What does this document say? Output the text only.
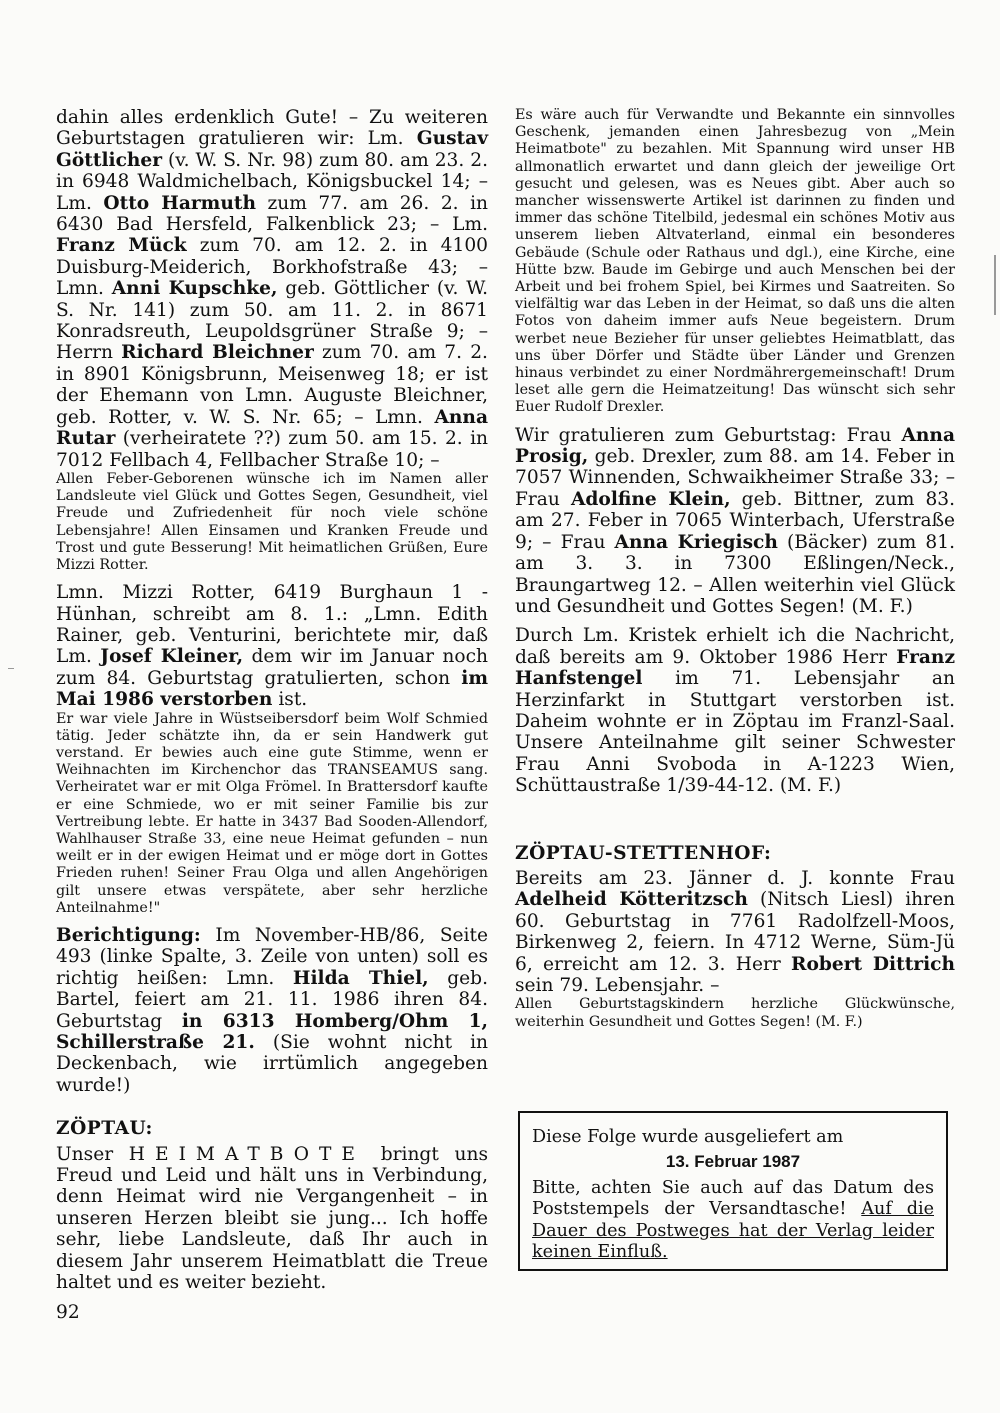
dahin alles erdenklich Gute! – Zu weiteren Geburtstagen gratulieren wir: Lm. Gustav Göttlicher (v. W. S. Nr. 98) zum 80. am 23. 2. in 6948 Waldmichelbach, Königsbuckel 14; – Lm. Otto Harmuth zum 77. am 26. 2. in 6430 Bad Hersfeld, Falkenblick 23; – Lm. Franz Mück zum 70. am 12. 2. in 4100 Duisburg-Meiderich, Borkhofstraße 43; – Lmn. Anni Kupschke, geb. Göttlicher (v. W. S. Nr. 141) zum 50. am 11. 2. in 8671 Konradsreuth, Leupoldsgrüner Straße 9; – Herrn Richard Bleichner zum 70. am 7. 2. in 8901 Königsbrunn, Meisenweg 18; er ist der Ehemann von Lmn. Auguste Bleichner, geb. Rotter, v. W. S. Nr. 65; – Lmn. Anna Rutar (verheiratete ??) zum 50. am 15. 2. in 7012 Fellbach 4, Fellbacher Straße 10; –

Allen Feber-Geborenen wünsche ich im Namen aller Landsleute viel Glück und Gottes Segen, Gesundheit, viel Freude und Zufriedenheit für noch viele schöne Lebensjahre! Allen Einsamen und Kranken Freude und Trost und gute Besserung! Mit heimatlichen Grüßen, Eure Mizzi Rotter.

Lmn. Mizzi Rotter, 6419 Burghaun 1 - Hünhan, schreibt am 8. 1.: „Lmn. Edith Rainer, geb. Venturini, berichtete mir, daß Lm. Josef Kleiner, dem wir im Januar noch zum 84. Geburtstag gratulierten, schon im Mai 1986 verstorben ist.

Er war viele Jahre in Wüstseibersdorf beim Wolf Schmied tätig. Jeder schätzte ihn, da er sein Handwerk gut verstand. Er bewies auch eine gute Stimme, wenn er Weihnachten im Kirchenchor das TRANSEAMUS sang. Verheiratet war er mit Olga Frömel. In Brattersdorf kaufte er eine Schmiede, wo er mit seiner Familie bis zur Vertreibung lebte. Er hatte in 3437 Bad Sooden-Allendorf, Wahlhauser Straße 33, eine neue Heimat gefunden – nun weilt er in der ewigen Heimat und er möge dort in Gottes Frieden ruhen! Seiner Frau Olga und allen Angehörigen gilt unsere etwas verspätete, aber sehr herzliche Anteilnahme!"

Berichtigung: Im November-HB/86, Seite 493 (linke Spalte, 3. Zeile von unten) soll es richtig heißen: Lmn. Hilda Thiel, geb. Bartel, feiert am 21. 11. 1986 ihren 84. Geburtstag in 6313 Homberg/Ohm 1, Schillerstraße 21. (Sie wohnt nicht in Deckenbach, wie irrtümlich angegeben wurde!)

ZÖPTAU:

Unser HEIMATBOTE bringt uns Freud und Leid und hält uns in Verbindung, denn Heimat wird nie Vergangenheit – in unseren Herzen bleibt sie jung... Ich hoffe sehr, liebe Landsleute, daß Ihr auch in diesem Jahr unserem Heimatblatt die Treue haltet und es weiter bezieht.

Es wäre auch für Verwandte und Bekannte ein sinnvolles Geschenk, jemanden einen Jahresbezug von „Mein Heimatbote" zu bezahlen. Mit Spannung wird unser HB allmonatlich erwartet und dann gleich der jeweilige Ort gesucht und gelesen, was es Neues gibt. Aber auch so mancher wissenswerte Artikel ist darinnen zu finden und immer das schöne Titelbild, jedesmal ein schönes Motiv aus unserem lieben Altvaterland, einmal ein besonderes Gebäude (Schule oder Rathaus und dgl.), eine Kirche, eine Hütte bzw. Baude im Gebirge und auch Menschen bei der Arbeit und bei frohem Spiel, bei Kirmes und Saatreiten. So vielfältig war das Leben in der Heimat, so daß uns die alten Fotos von daheim immer aufs Neue begeistern. Drum werbet neue Bezieher für unser geliebtes Heimatblatt, das uns über Dörfer und Städte über Länder und Grenzen hinaus verbindet zu einer Nordmährergemeinschaft! Drum leset alle gern die Heimatzeitung! Das wünscht sich sehr Euer Rudolf Drexler.

Wir gratulieren zum Geburtstag: Frau Anna Prosig, geb. Drexler, zum 88. am 14. Feber in 7057 Winnenden, Schwaikheimer Straße 33; – Frau Adolfine Klein, geb. Bittner, zum 83. am 27. Feber in 7065 Winterbach, Uferstraße 9; – Frau Anna Kriegisch (Bäcker) zum 81. am 3. 3. in 7300 Eßlingen/Neck., Braungartweg 12. – Allen weiterhin viel Glück und Gesundheit und Gottes Segen! (M. F.)

Durch Lm. Kristek erhielt ich die Nachricht, daß bereits am 9. Oktober 1986 Herr Franz Hanfstengel im 71. Lebensjahr an Herzinfarkt in Stuttgart verstorben ist. Daheim wohnte er in Zöptau im Franzl-Saal. Unsere Anteilnahme gilt seiner Schwester Frau Anni Svoboda in A-1223 Wien, Schüttaustraße 1/39-44-12. (M. F.)

ZÖPTAU-STETTENHOF:

Bereits am 23. Jänner d. J. konnte Frau Adelheid Kötteritzsch (Nitsch Liesl) ihren 60. Geburtstag in 7761 Radolfzell-Moos, Birkenweg 2, feiern. In 4712 Werne, Süm-Jü 6, erreicht am 12. 3. Herr Robert Dittrich sein 79. Lebensjahr. –

Allen Geburtstagskindern herzliche Glückwünsche, weiterhin Gesundheit und Gottes Segen! (M. F.)

Diese Folge wurde ausgeliefert am

13. Februar 1987

Bitte, achten Sie auch auf das Datum des Poststempels der Versandtasche! Auf die Dauer des Postweges hat der Verlag leider keinen Einfluß.

92
